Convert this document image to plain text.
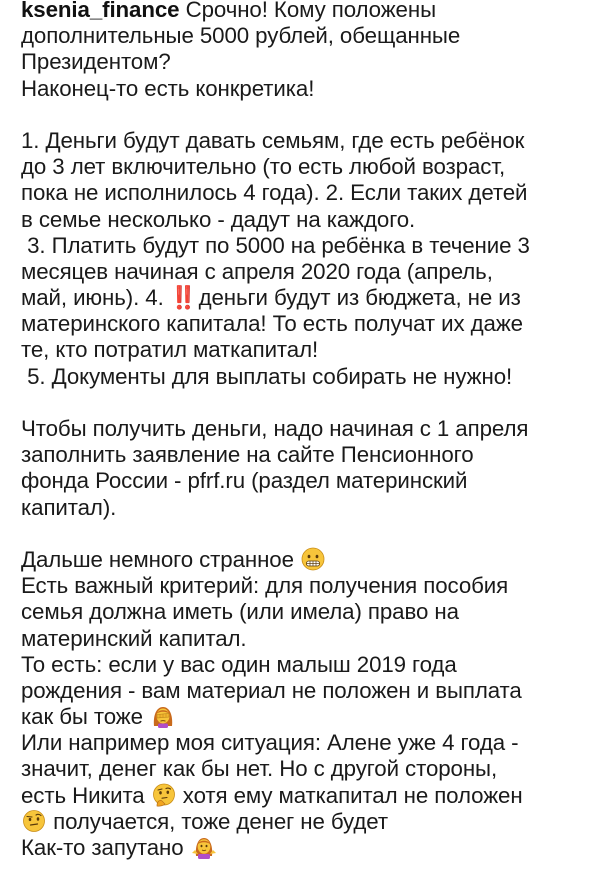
ksenia_finance Срочно! Кому положены
дополнительные 5000 рублей, обещанные
Президентом?
Наконец-то есть конкретика!
1. Деньги будут давать семьям, где есть ребёнок
до 3 лет включительно (то есть любой возраст,
пока не исполнилось 4 года). 2. Если таких детей
в семье несколько - дадут на каждого.
3. Платить будут по 5000 на ребёнка в течение 3
месяцев начиная с апреля 2020 года (апрель,
май, июнь). 4. ‼️ деньги будут из бюджета, не из
материнского капитала! То есть получат их даже
те, кто потратил маткапитал!
5. Документы для выплаты собирать не нужно!
Чтобы получить деньги, надо начиная с 1 апреля
заполнить заявление на сайте Пенсионного
фонда России - pfrf.ru (раздел материнский
капитал).
Дальше немного странное
Есть важный критерий: для получения пособия
семья должна иметь (или имела) право на
материнский капитал.
То есть: если у вас один малыш 2019 года
рождения - вам материал не положен и выплата
как бы тоже
Или например моя ситуация: Алене уже 4 года -
значит, денег как бы нет. Но с другой стороны,
есть Никита  хотя ему маткапитал не положен
получается, тоже денег не будет
Как-то запутано
